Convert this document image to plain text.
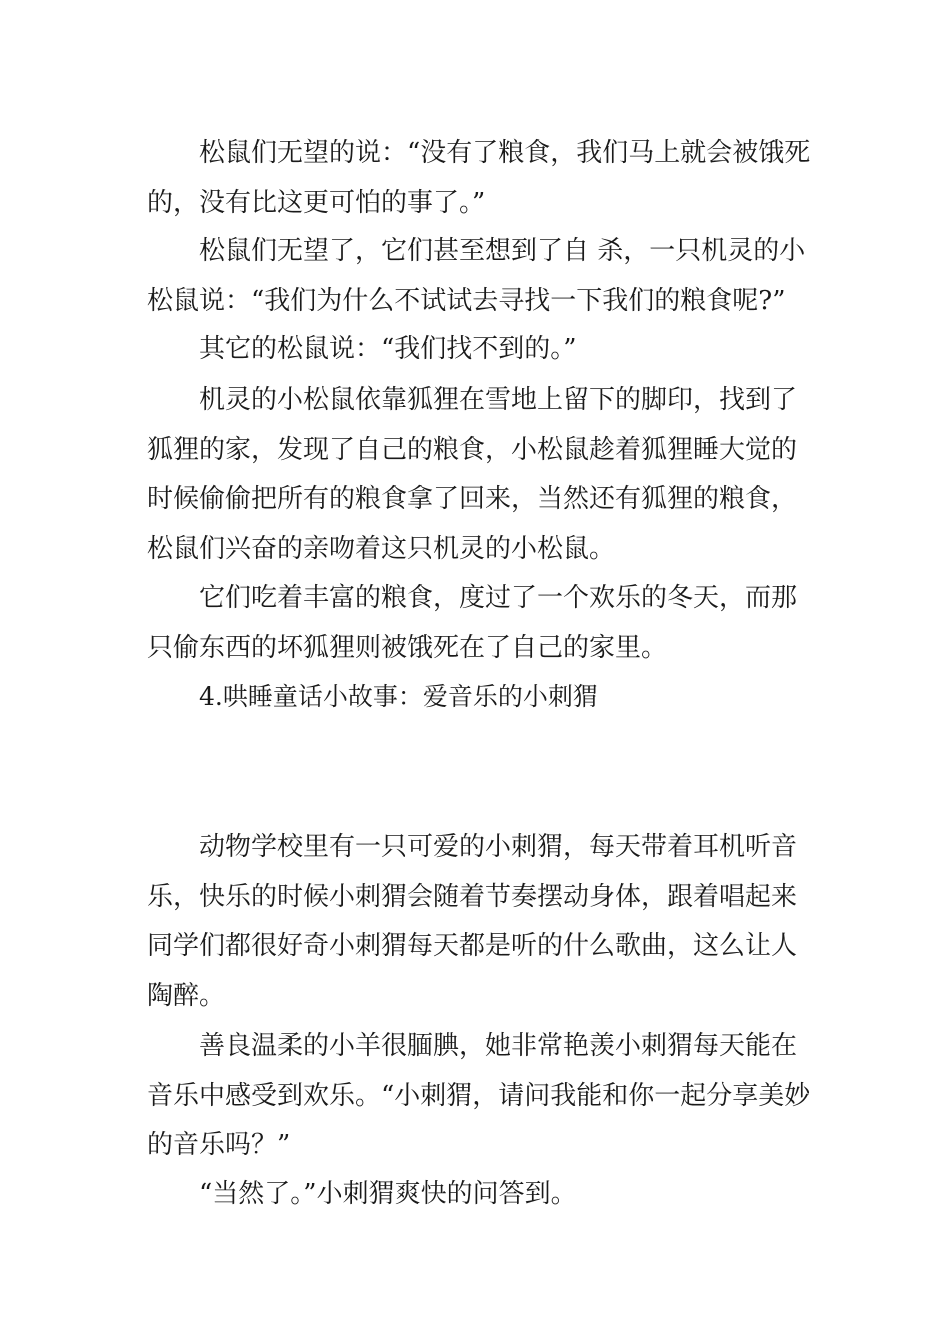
松鼠们无望的说：“没有了粮食，我们马上就会被饿死的，没有比这更可怕的事了。”

松鼠们无望了，它们甚至想到了自 杀，一只机灵的小松鼠说：“我们为什么不试试去寻找一下我们的粮食呢?”

其它的松鼠说：“我们找不到的。”

机灵的小松鼠依靠狐狸在雪地上留下的脚印，找到了狐狸的家，发现了自己的粮食，小松鼠趁着狐狸睡大觉的时候偷偷把所有的粮食拿了回来，当然还有狐狸的粮食，松鼠们兴奋的亲吻着这只机灵的小松鼠。

它们吃着丰富的粮食，度过了一个欢乐的冬天，而那只偷东西的坏狐狸则被饿死在了自己的家里。

4.哄睡童话小故事：爱音乐的小刺猬

动物学校里有一只可爱的小刺猬，每天带着耳机听音乐，快乐的时候小刺猬会随着节奏摆动身体，跟着唱起来同学们都很好奇小刺猬每天都是听的什么歌曲，这么让人陶醉。

善良温柔的小羊很腼腆，她非常艳羡小刺猬每天能在音乐中感受到欢乐。“小刺猬，请问我能和你一起分享美妙的音乐吗？”

“当然了。”小刺猬爽快的问答到。
